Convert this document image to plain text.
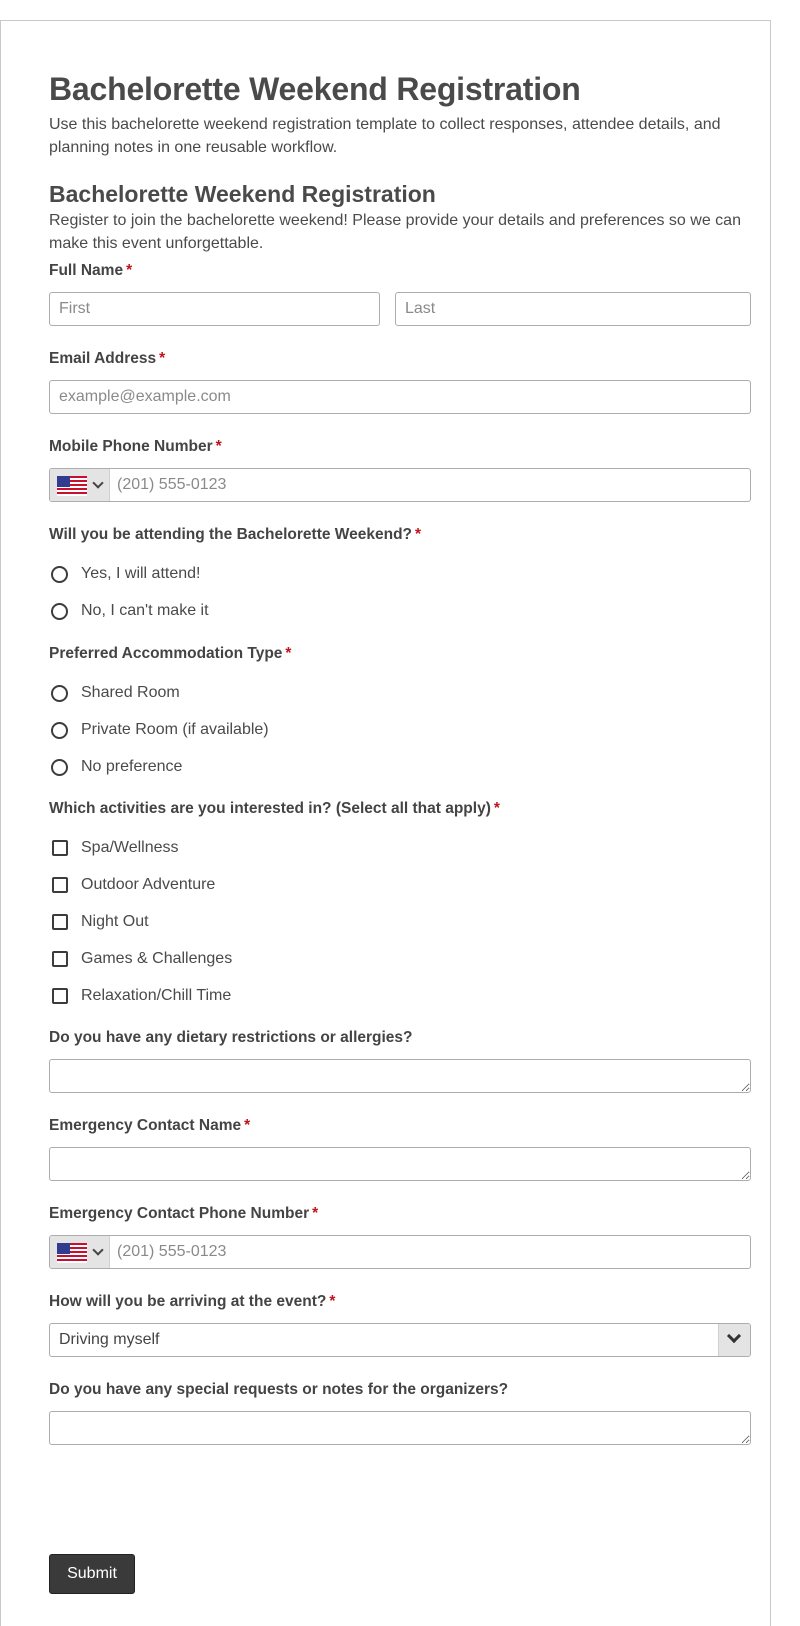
Bachelorette Weekend Registration

Use this bachelorette weekend registration template to collect responses, attendee details, and planning notes in one reusable workflow.

Bachelorette Weekend Registration

Register to join the bachelorette weekend! Please provide your details and preferences so we can make this event unforgettable.

Full Name *
First
Last
Email Address *
example@example.com
Mobile Phone Number *
(201) 555-0123
Will you be attending the Bachelorette Weekend? *
Yes, I will attend!
No, I can't make it
Preferred Accommodation Type *
Shared Room
Private Room (if available)
No preference
Which activities are you interested in? (Select all that apply) *
Spa/Wellness
Outdoor Adventure
Night Out
Games & Challenges
Relaxation/Chill Time
Do you have any dietary restrictions or allergies?
Emergency Contact Name *
Emergency Contact Phone Number *
(201) 555-0123
How will you be arriving at the event? *
Driving myself
Do you have any special requests or notes for the organizers?
Submit
